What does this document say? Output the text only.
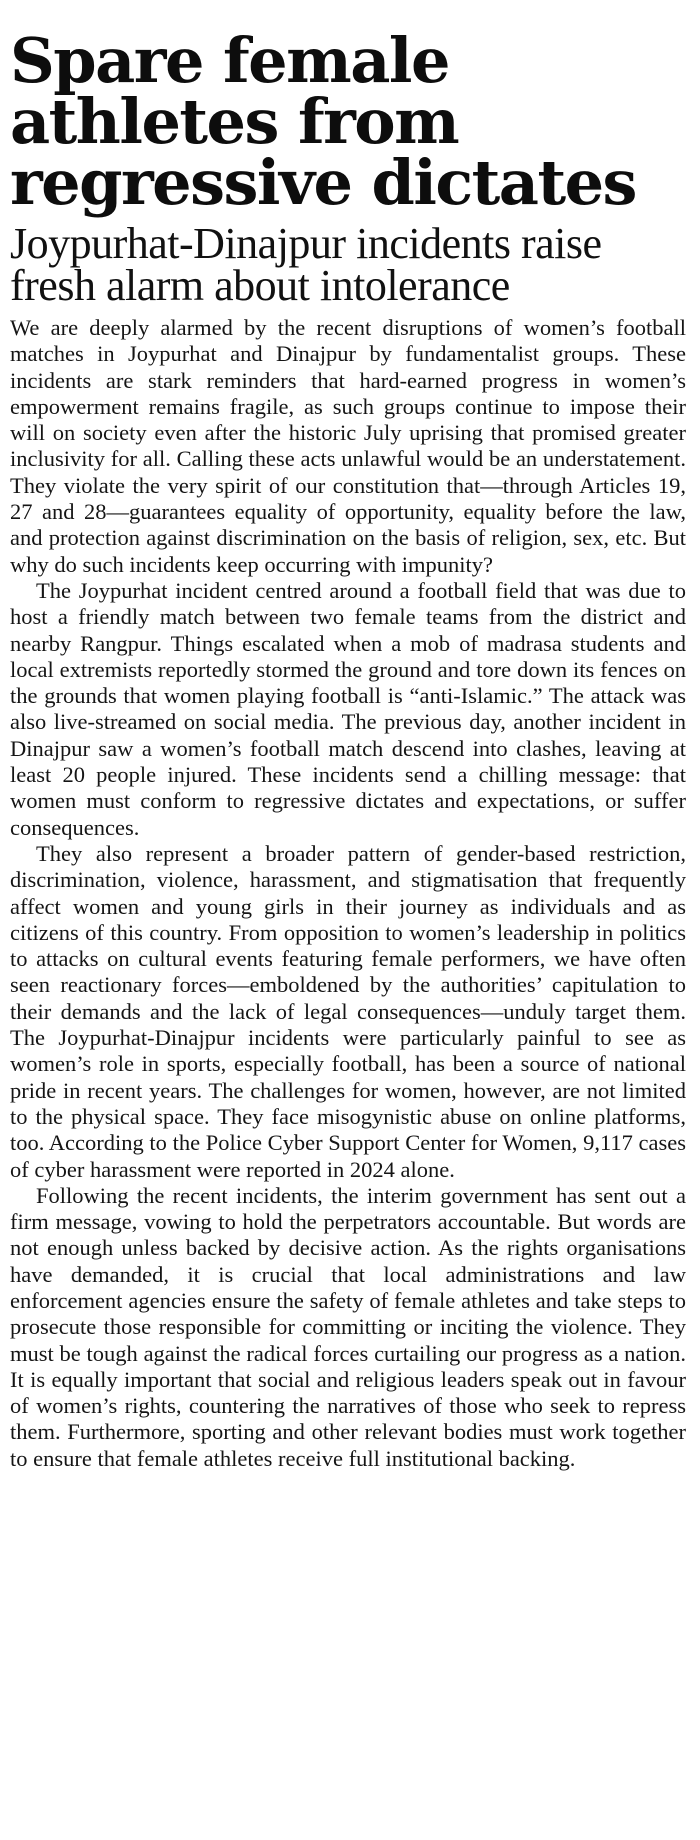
Spare female athletes from regressive dictates
Joypurhat-Dinajpur incidents raise fresh alarm about intolerance

We are deeply alarmed by the recent disruptions of women’s football matches in Joypurhat and Dinajpur by fundamentalist groups. These incidents are stark reminders that hard-earned progress in women’s empowerment remains fragile, as such groups continue to impose their will on society even after the historic July uprising that promised greater inclusivity for all. Calling these acts unlawful would be an understatement. They violate the very spirit of our constitution that—through Articles 19, 27 and 28—guarantees equality of opportunity, equality before the law, and protection against discrimination on the basis of religion, sex, etc. But why do such incidents keep occurring with impunity?

The Joypurhat incident centred around a football field that was due to host a friendly match between two female teams from the district and nearby Rangpur. Things escalated when a mob of madrasa students and local extremists reportedly stormed the ground and tore down its fences on the grounds that women playing football is “anti-Islamic.” The attack was also live-streamed on social media. The previous day, another incident in Dinajpur saw a women’s football match descend into clashes, leaving at least 20 people injured. These incidents send a chilling message: that women must conform to regressive dictates and expectations, or suffer consequences.

They also represent a broader pattern of gender-based restriction, discrimination, violence, harassment, and stigmatisation that frequently affect women and young girls in their journey as individuals and as citizens of this country. From opposition to women’s leadership in politics to attacks on cultural events featuring female performers, we have often seen reactionary forces—emboldened by the authorities’ capitulation to their demands and the lack of legal consequences—unduly target them. The Joypurhat-Dinajpur incidents were particularly painful to see as women’s role in sports, especially football, has been a source of national pride in recent years. The challenges for women, however, are not limited to the physical space. They face misogynistic abuse on online platforms, too. According to the Police Cyber Support Center for Women, 9,117 cases of cyber harassment were reported in 2024 alone.

Following the recent incidents, the interim government has sent out a firm message, vowing to hold the perpetrators accountable. But words are not enough unless backed by decisive action. As the rights organisations have demanded, it is crucial that local administrations and law enforcement agencies ensure the safety of female athletes and take steps to prosecute those responsible for committing or inciting the violence. They must be tough against the radical forces curtailing our progress as a nation. It is equally important that social and religious leaders speak out in favour of women’s rights, countering the narratives of those who seek to repress them. Furthermore, sporting and other relevant bodies must work together to ensure that female athletes receive full institutional backing.
